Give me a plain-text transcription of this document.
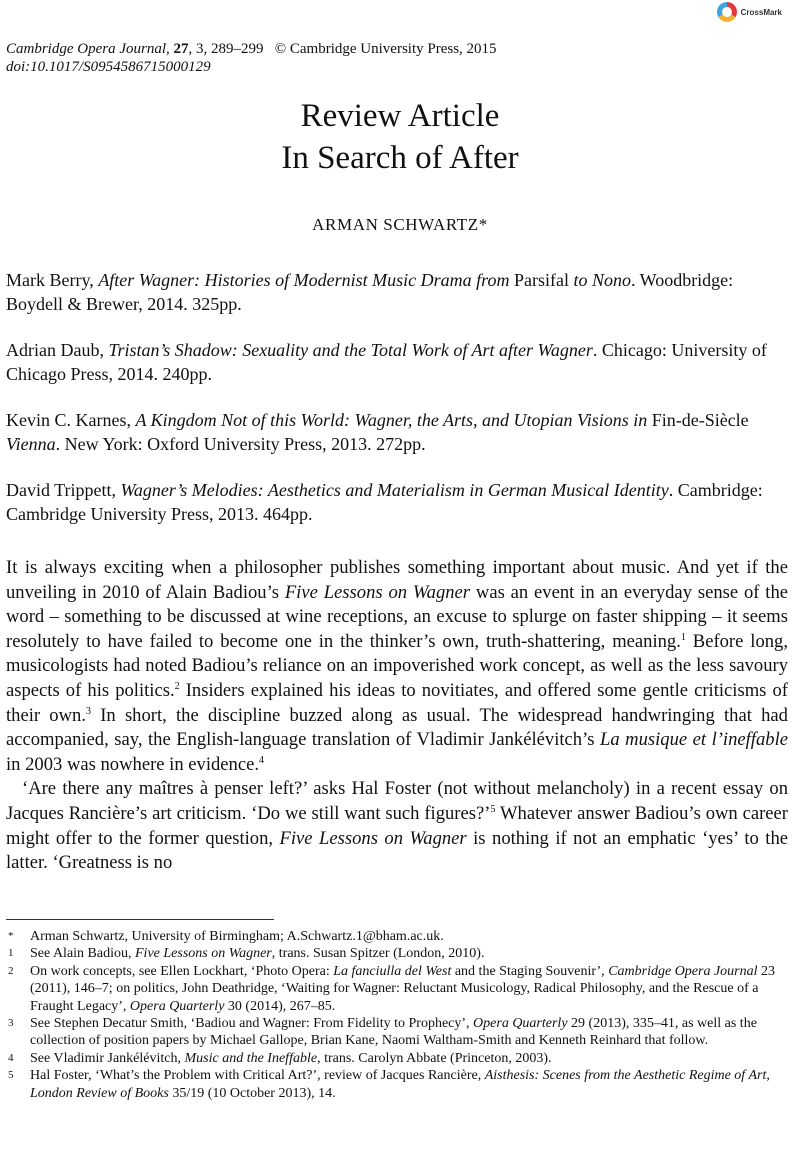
CrossMark
Cambridge Opera Journal, 27, 3, 289–299 © Cambridge University Press, 2015
doi:10.1017/S0954586715000129
Review Article
In Search of After
ARMAN SCHWARTZ*
Mark Berry, After Wagner: Histories of Modernist Music Drama from Parsifal to Nono. Woodbridge: Boydell & Brewer, 2014. 325pp.
Adrian Daub, Tristan’s Shadow: Sexuality and the Total Work of Art after Wagner. Chicago: University of Chicago Press, 2014. 240pp.
Kevin C. Karnes, A Kingdom Not of this World: Wagner, the Arts, and Utopian Visions in Fin-de-Siècle Vienna. New York: Oxford University Press, 2013. 272pp.
David Trippett, Wagner’s Melodies: Aesthetics and Materialism in German Musical Identity. Cambridge: Cambridge University Press, 2013. 464pp.

It is always exciting when a philosopher publishes something important about music. And yet if the unveiling in 2010 of Alain Badiou’s Five Lessons on Wagner was an event in an everyday sense of the word – something to be discussed at wine receptions, an excuse to splurge on faster shipping – it seems resolutely to have failed to become one in the thinker’s own, truth-shattering, meaning.$^1$ Before long, musicologists had noted Badiou’s reliance on an impoverished work concept, as well as the less savoury aspects of his politics.$^2$ Insiders explained his ideas to novitiates, and offered some gentle criticisms of their own.$^3$ In short, the discipline buzzed along as usual. The widespread handwringing that had accompanied, say, the English-language translation of Vladimir Jankélévitch’s La musique et l’ineffable in 2003 was nowhere in evidence.$^4$

‘Are there any maîtres à penser left?’ asks Hal Foster (not without melancholy) in a recent essay on Jacques Rancière’s art criticism. ‘Do we still want such figures?’$^5$ Whatever answer Badiou’s own career might offer to the former question, Five Lessons on Wagner is nothing if not an emphatic ‘yes’ to the latter. ‘Greatness is no

*	Arman Schwartz, University of Birmingham; A.Schwartz.1@bham.ac.uk.
1	See Alain Badiou, Five Lessons on Wagner, trans. Susan Spitzer (London, 2010).
2	On work concepts, see Ellen Lockhart, ‘Photo Opera: La fanciulla del West and the Staging Souvenir’, Cambridge Opera Journal 23 (2011), 146–7; on politics, John Deathridge, ‘Waiting for Wagner: Reluctant Musicology, Radical Philosophy, and the Rescue of a Fraught Legacy’, Opera Quarterly 30 (2014), 267–85.
3	See Stephen Decatur Smith, ‘Badiou and Wagner: From Fidelity to Prophecy’, Opera Quarterly 29 (2013), 335–41, as well as the collection of position papers by Michael Gallope, Brian Kane, Naomi Waltham-Smith and Kenneth Reinhard that follow.
4	See Vladimir Jankélévitch, Music and the Ineffable, trans. Carolyn Abbate (Princeton, 2003).
5	Hal Foster, ‘What’s the Problem with Critical Art?’, review of Jacques Rancière, Aisthesis: Scenes from the Aesthetic Regime of Art, London Review of Books 35/19 (10 October 2013), 14.
